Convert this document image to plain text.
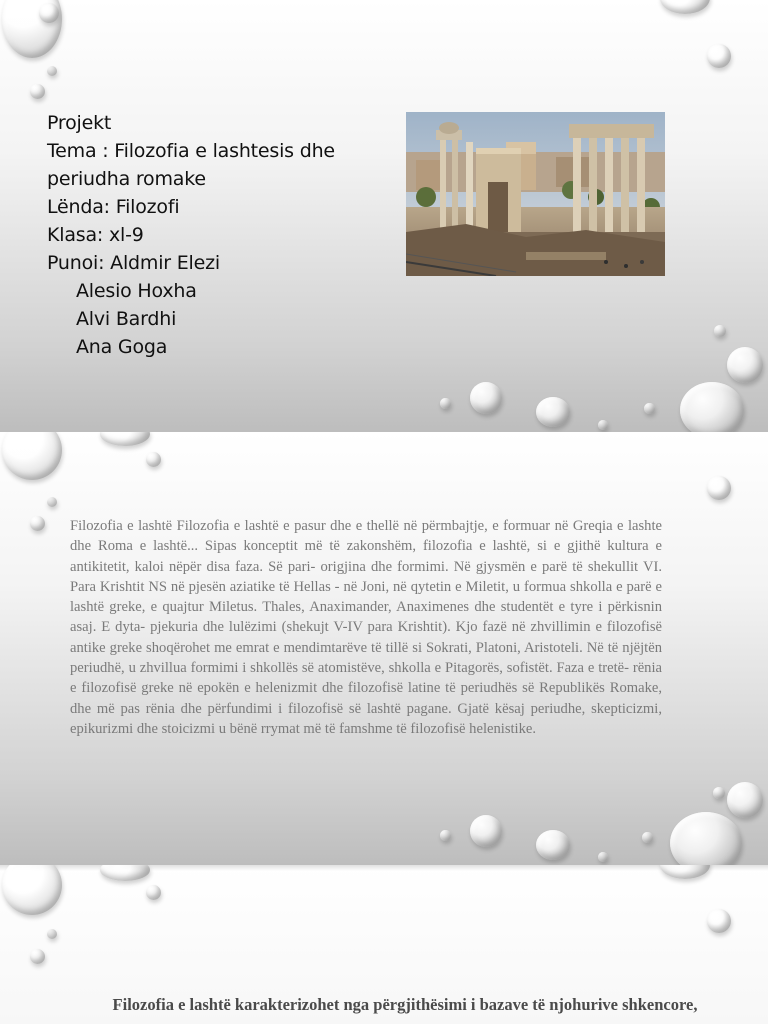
Projekt
Tema : Filozofia e lashtesis dhe periudha romake
Lënda: Filozofi
Klasa: xl-9
Punoi: Aldmir Elezi
Alesio Hoxha
Alvi Bardhi
Ana Goga
Filozofia e lashtë Filozofia e lashtë e pasur dhe e thellë në përmbajtje, e formuar në Greqia e lashte dhe Roma e lashtë... Sipas konceptit më të zakonshëm, filozofia e lashtë, si e gjithë kultura e antikitetit, kaloi nëpër disa faza. Së pari- origjina dhe formimi. Në gjysmën e parë të shekullit VI. Para Krishtit NS në pjesën aziatike të Hellas - në Joni, në qytetin e Miletit, u formua shkolla e parë e lashtë greke, e quajtur Miletus. Thales, Anaximander, Anaximenes dhe studentët e tyre i përkisnin asaj. E dyta- pjekuria dhe lulëzimi (shekujt V-IV para Krishtit). Kjo fazë në zhvillimin e filozofisë antike greke shoqërohet me emrat e mendimtarëve të tillë si Sokrati, Platoni, Aristoteli. Në të njëjtën periudhë, u zhvillua formimi i shkollës së atomistëve, shkolla e Pitagorës, sofistët. Faza e tretë- rënia e filozofisë greke në epokën e helenizmit dhe filozofisë latine të periudhës së Republikës Romake, dhe më pas rënia dhe përfundimi i filozofisë së lashtë pagane. Gjatë kësaj periudhe, skepticizmi, epikurizmi dhe stoicizmi u bënë rrymat më të famshme të filozofisë helenistike.
Filozofia e lashtë karakterizohet nga përgjithësimi i bazave të njohurive shkencore,
